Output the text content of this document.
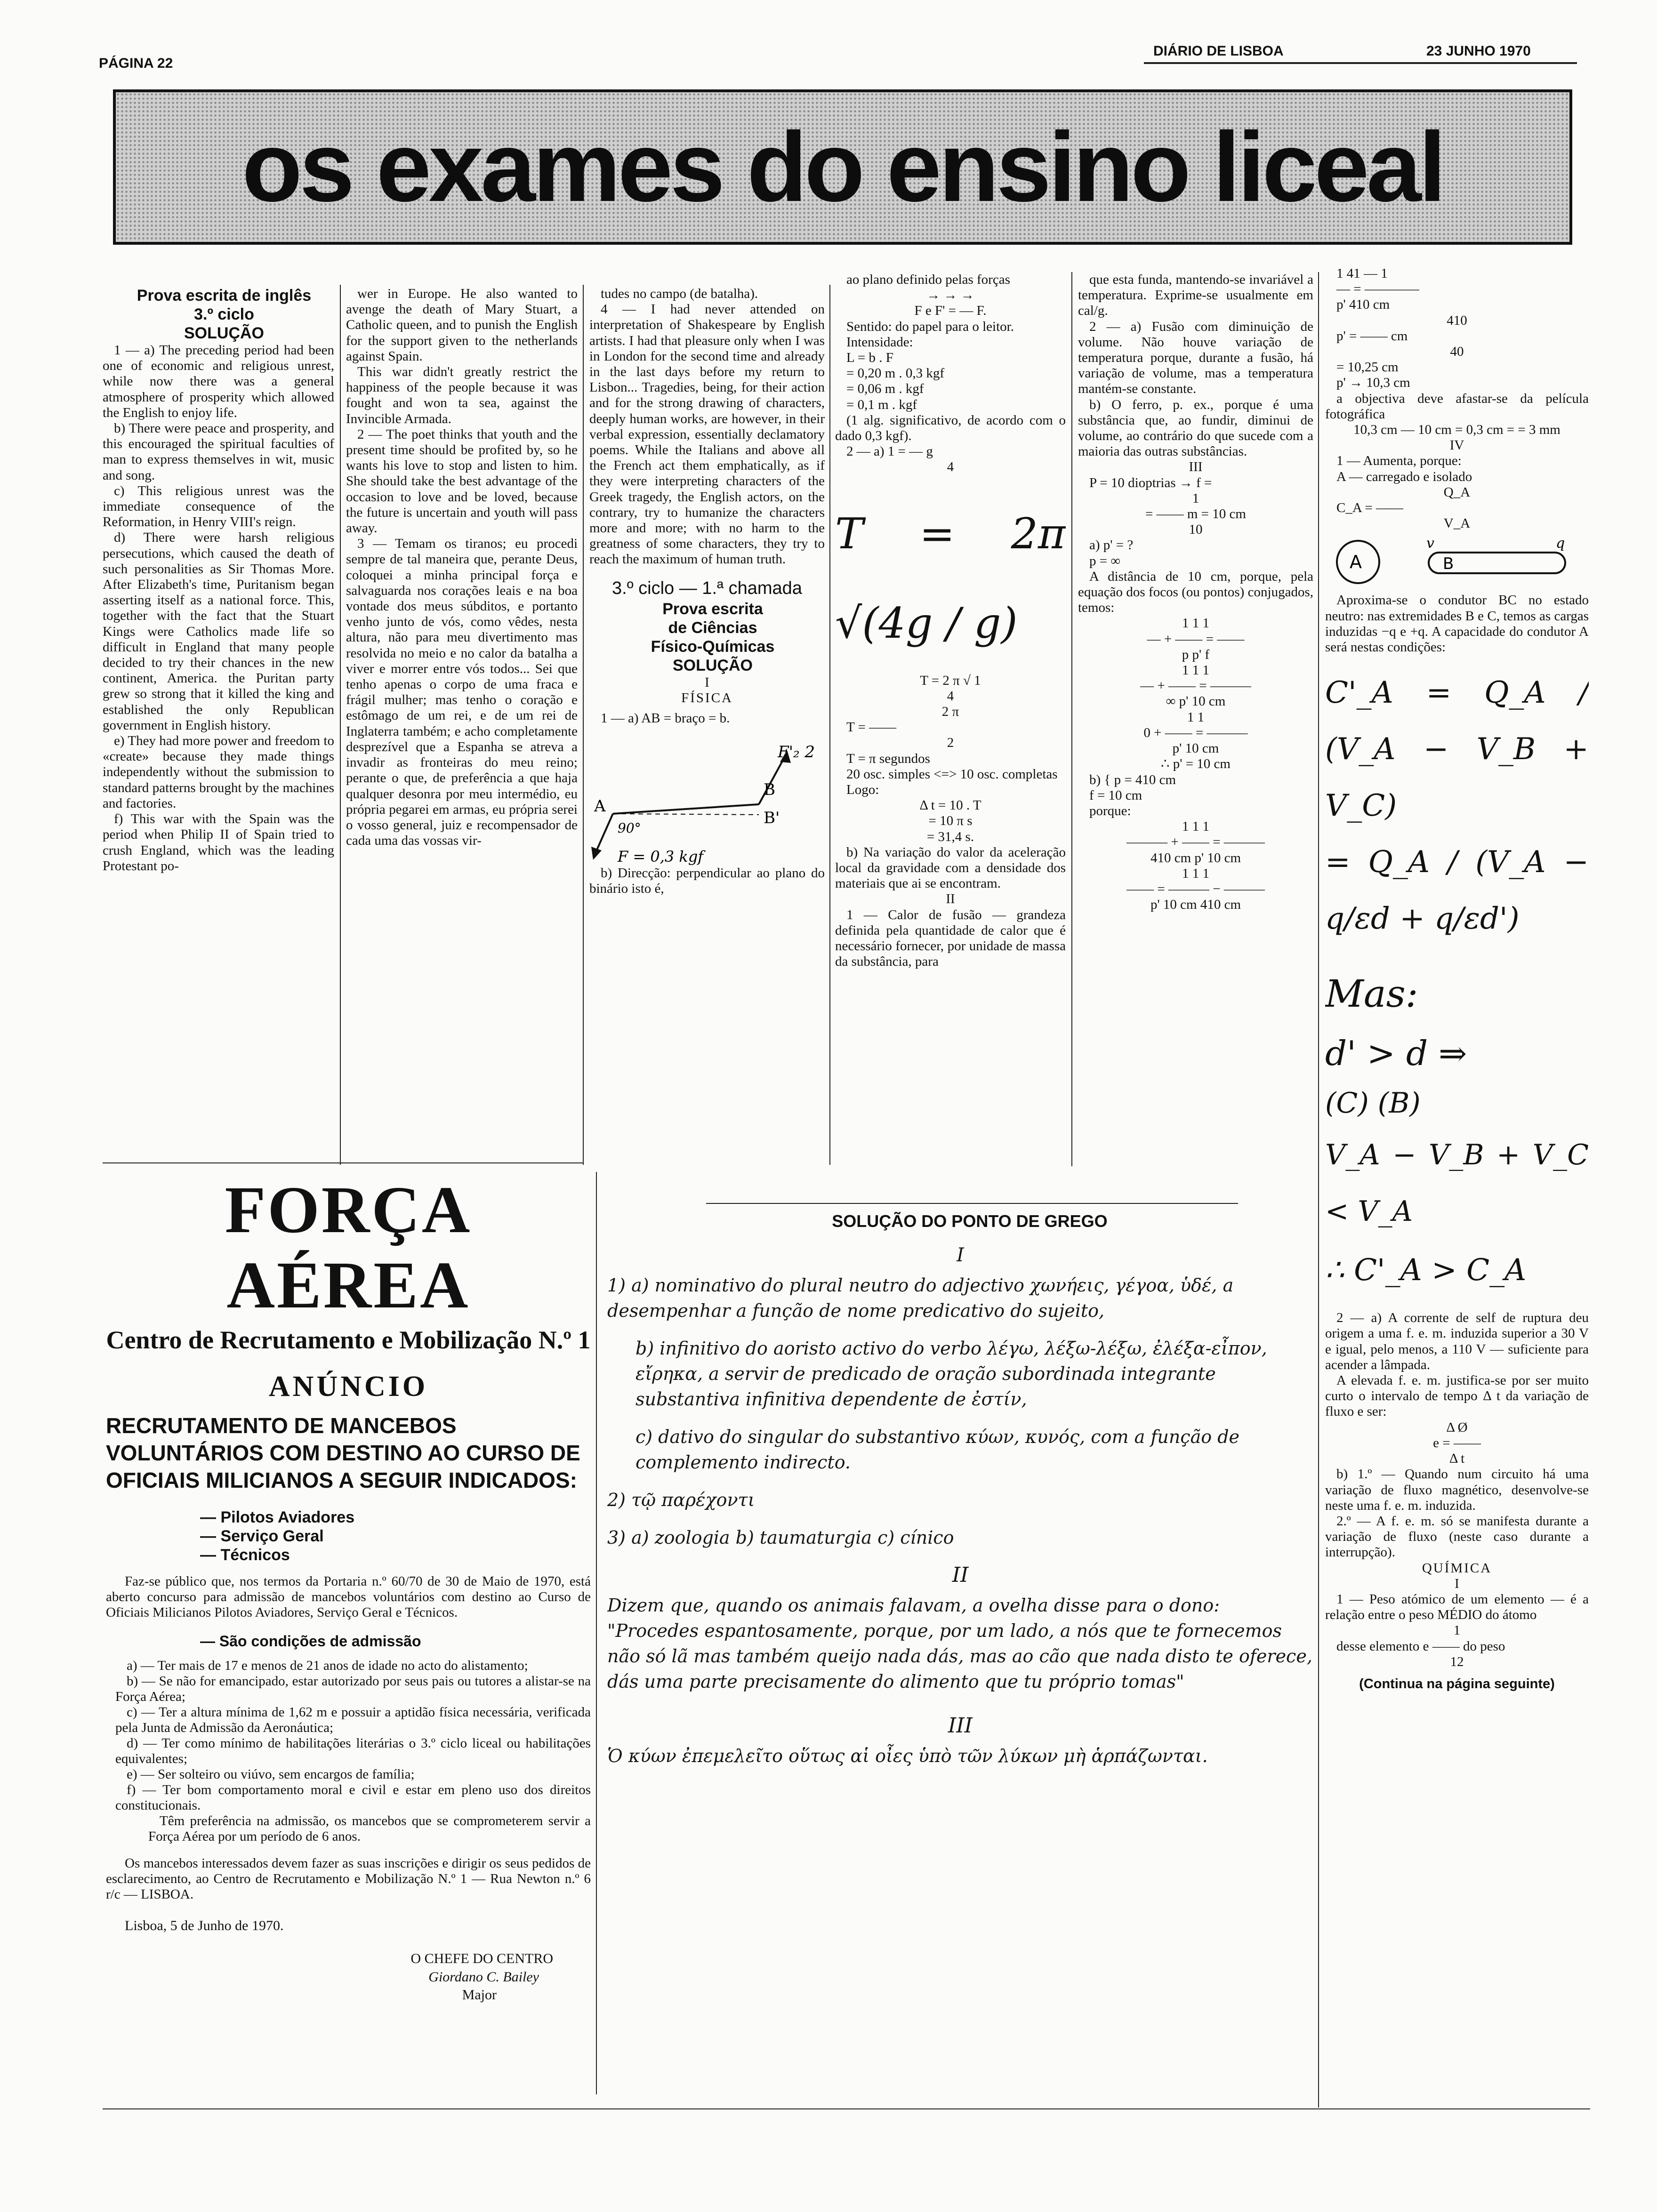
PÁGINA 22
DIÁRIO DE LISBOA	23 JUNHO 1970
os exames do ensino liceal

Prova escrita de inglês

3.º ciclo

SOLUÇÃO

1 — a) The preceding period had been one of economic and religious unrest, while now there was a general atmosphere of prosperity which allowed the English to enjoy life.

b) There were peace and prosperity, and this encouraged the spiritual faculties of man to express themselves in wit, music and song.

c) This religious unrest was the immediate consequence of the Reformation, in Henry VIII's reign.

d) There were harsh religious persecutions, which caused the death of such personalities as Sir Thomas More. After Elizabeth's time, Puritanism began asserting itself as a national force. This, together with the fact that the Stuart Kings were Catholics made life so difficult in England that many people decided to try their chances in the new continent, America. the Puritan party grew so strong that it killed the king and established the only Republican government in English history.

e) They had more power and freedom to «create» because they made things independently without the submission to standard patterns brought by the machines and factories.

f) This war with the Spain was the period when Philip II of Spain tried to crush England, which was the leading Protestant po-

wer in Europe. He also wanted to avenge the death of Mary Stuart, a Catholic queen, and to punish the English for the support given to the netherlands against Spain.

This war didn't greatly restrict the happiness of the people because it was fought and won ta sea, against the Invincible Armada.

2 — The poet thinks that youth and the present time should be profited by, so he wants his love to stop and listen to him. She should take the best advantage of the occasion to love and be loved, because the future is uncertain and youth will pass away.

3 — Temam os tiranos; eu procedi sempre de tal maneira que, perante Deus, coloquei a minha principal força e salvaguarda nos corações leais e na boa vontade dos meus súbditos, e portanto venho junto de vós, como vêdes, nesta altura, não para meu divertimento mas resolvida no meio e no calor da batalha a viver e morrer entre vós todos... Sei que tenho apenas o corpo de uma fraca e frágil mulher; mas tenho o coração e estômago de um rei, e de um rei de Inglaterra também; e acho completamente desprezível que a Espanha se atreva a invadir as fronteiras do meu reino; perante o que, de preferência a que haja qualquer desonra por meu intermédio, eu própria pegarei em armas, eu própria serei o vosso general, juiz e recompensador de cada uma das vossas vir-

tudes no campo (de batalha).

4 — I had never attended on interpretation of Shakespeare by English artists. I had that pleasure only when I was in London for the second time and already in the last days before my return to Lisbon... Tragedies, being, for their action and for the strong drawing of characters, deeply human works, are however, in their verbal expression, essentially declamatory poems. While the Italians and above all the French act them emphatically, as if they were interpreting characters of the Greek tragedy, the English actors, on the contrary, try to humanize the characters more and more; with no harm to the greatness of some characters, they try to reach the maximum of human truth.

3.º ciclo — 1.ª chamada

Prova escrita

de Ciências

Físico-Químicas

SOLUÇÃO

I

FÍSICA

1 — a) AB = braço = b.

F'₂ 2
B
B'
A
90°
F = 0,3 kgf

b) Direcção: perpendicular ao plano do binário isto é,

ao plano definido pelas forças

→ → →

F e F' = — F.

Sentido: do papel para o leitor.

Intensidade:

L = b . F

= 0,20 m . 0,3 kgf

= 0,06 m . kgf

= 0,1 m . kgf

(1 alg. significativo, de acordo com o dado 0,3 kgf).

2 — a) 1 = — g

4

T = 2π √(4g / g)

T = 2 π √ 1

4

2 π

T = ——

2

T = π segundos

20 osc. simples <=> 10 osc. completas

Logo:

Δ t = 10 . T

= 10 π s

= 31,4 s.

b) Na variação do valor da aceleração local da gravidade com a densidade dos materiais que ai se encontram.

II

1 — Calor de fusão — grandeza definida pela quantidade de calor que é necessário fornecer, por unidade de massa da substância, para

que esta funda, mantendo-se invariável a temperatura. Exprime-se usualmente em cal/g.

2 — a) Fusão com diminuição de volume. Não houve variação de temperatura porque, durante a fusão, há variação de volume, mas a temperatura mantém-se constante.

b) O ferro, p. ex., porque é uma substância que, ao fundir, diminui de volume, ao contrário do que sucede com a maioria das outras substâncias.

III

P = 10 dioptrias → f =

1

= —— m = 10 cm

10

a) p' = ?

p = ∞

A distância de 10 cm, porque, pela equação dos focos (ou pontos) conjugados, temos:

1 1 1

— + —— = ——

p p' f

1 1 1

— + —— = ———

∞ p' 10 cm

1 1

0 + —— = ———

p' 10 cm

∴ p' = 10 cm

b) { p = 410 cm

f = 10 cm

porque:

1 1 1

——— + —— = ———

410 cm p' 10 cm

1 1 1

—— = ——— − ———

p' 10 cm 410 cm

1 41 — 1

— = ————

p' 410 cm

410

p' = —— cm

40

= 10,25 cm

p' → 10,3 cm

a objectiva deve afastar-se da película fotográfica

10,3 cm — 10 cm = 0,3 cm = = 3 mm

IV

1 — Aumenta, porque:

A — carregado e isolado

Q_A

C_A = ——

V_A

A	B
v	q

Aproxima-se o condutor BC no estado neutro: nas extremidades B e C, temos as cargas induzidas −q e +q. A capacidade do condutor A será nestas condições:

C'_A = Q_A / (V_A − V_B + V_C)
= Q_A / (V_A − q/εd + q/εd')
Mas:
d' > d ⇒
(C) (B)
V_A − V_B + V_C < V_A
∴ C'_A > C_A

2 — a) A corrente de self de ruptura deu origem a uma f. e. m. induzida superior a 30 V e igual, pelo menos, a 110 V — suficiente para acender a lâmpada.

A elevada f. e. m. justifica-se por ser muito curto o intervalo de tempo Δ t da variação de fluxo e ser:

Δ Ø

e = ——

Δ t

b) 1.º — Quando num circuito há uma variação de fluxo magnético, desenvolve-se neste uma f. e. m. induzida.

2.º — A f. e. m. só se manifesta durante a variação de fluxo (neste caso durante a interrupção).

QUÍMICA

I

1 — Peso atómico de um elemento — é a relação entre o peso MÉDIO do átomo

1

desse elemento e —— do peso

12

(Continua na página seguinte)

FORÇA AÉREA
Centro de Recrutamento e Mobilização N.º 1
ANÚNCIO
RECRUTAMENTO DE MANCEBOS VOLUNTÁRIOS COM DESTINO AO CURSO DE OFICIAIS MILICIANOS A SEGUIR INDICADOS:
— Pilotos Aviadores
— Serviço Geral
— Técnicos
Faz-se público que, nos termos da Portaria n.º 60/70 de 30 de Maio de 1970, está aberto concurso para admissão de mancebos voluntários com destino ao Curso de Oficiais Milicianos Pilotos Aviadores, Serviço Geral e Técnicos.
— São condições de admissão

a) — Ter mais de 17 e menos de 21 anos de idade no acto do alistamento;

b) — Se não for emancipado, estar autorizado por seus pais ou tutores a alistar-se na Força Aérea;

c) — Ter a altura mínima de 1,62 m e possuir a aptidão física necessária, verificada pela Junta de Admissão da Aeronáutica;

d) — Ter como mínimo de habilitações literárias o 3.º ciclo liceal ou habilitações equivalentes;

e) — Ser solteiro ou viúvo, sem encargos de família;

f) — Ter bom comportamento moral e civil e estar em pleno uso dos direitos constitucionais.

Têm preferência na admissão, os mancebos que se comprometerem servir a Força Aérea por um período de 6 anos.

Os mancebos interessados devem fazer as suas inscrições e dirigir os seus pedidos de esclarecimento, ao Centro de Recrutamento e Mobilização N.º 1 — Rua Newton n.º 6 r/c — LISBOA.
Lisboa, 5 de Junho de 1970.
O CHEFE DO CENTRO
Giordano C. Bailey
Major
SOLUÇÃO DO PONTO DE GREGO
I

1) a) nominativo do plural neutro do adjectivo χωνήεις, γέγοα, ὑδέ, a desempenhar a função de nome predicativo do sujeito,

b) infinitivo do aoristo activo do verbo λέγω, λέξω-λέξω, ἐλέξα-εἶπον, εἴρηκα, a servir de predicado de oração subordinada integrante substantiva infinitiva dependente de ἐστίν,

c) dativo do singular do substantivo κύων, κυνός, com a função de complemento indirecto.

2) τῷ παρέχοντι

3) a) zoologia b) taumaturgia c) cínico

II
Dizem que, quando os animais falavam, a ovelha disse para o dono: "Procedes espantosamente, porque, por um lado, a nós que te fornecemos não só lã mas também queijo nada dás, mas ao cão que nada disto te oferece, dás uma parte precisamente do alimento que tu próprio tomas"
III
Ὁ κύων ἐπεμελεῖτο οὕτως αἱ οἶες ὑπὸ τῶν λύκων μὴ ἁρπάζωνται.
